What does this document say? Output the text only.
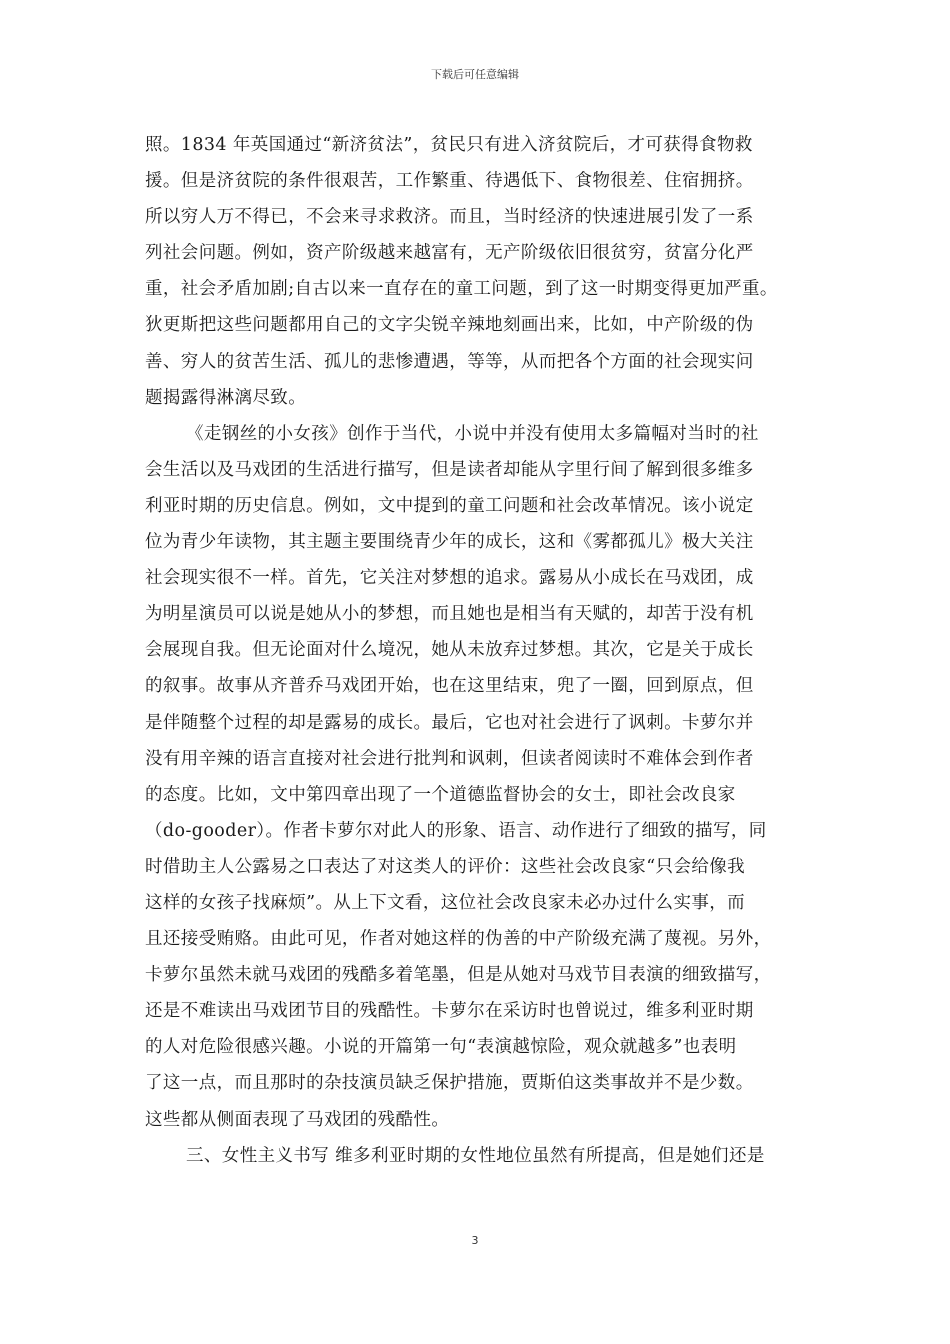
下载后可任意编辑
照。1834 年英国通过“新济贫法”，贫民只有进入济贫院后，才可获得食物救
援。但是济贫院的条件很艰苦，工作繁重、待遇低下、食物很差、住宿拥挤。
所以穷人万不得已，不会来寻求救济。而且，当时经济的快速进展引发了一系
列社会问题。例如，资产阶级越来越富有，无产阶级依旧很贫穷，贫富分化严
重，社会矛盾加剧;自古以来一直存在的童工问题，到了这一时期变得更加严重。
狄更斯把这些问题都用自己的文字尖锐辛辣地刻画出来，比如，中产阶级的伪
善、穷人的贫苦生活、孤儿的悲惨遭遇，等等，从而把各个方面的社会现实问
题揭露得淋漓尽致。
《走钢丝的小女孩》创作于当代，小说中并没有使用太多篇幅对当时的社
会生活以及马戏团的生活进行描写，但是读者却能从字里行间了解到很多维多
利亚时期的历史信息。例如，文中提到的童工问题和社会改革情况。该小说定
位为青少年读物，其主题主要围绕青少年的成长，这和《雾都孤儿》极大关注
社会现实很不一样。首先，它关注对梦想的追求。露易从小成长在马戏团，成
为明星演员可以说是她从小的梦想，而且她也是相当有天赋的，却苦于没有机
会展现自我。但无论面对什么境况，她从未放弃过梦想。其次，它是关于成长
的叙事。故事从齐普乔马戏团开始，也在这里结束，兜了一圈，回到原点，但
是伴随整个过程的却是露易的成长。最后，它也对社会进行了讽刺。卡萝尔并
没有用辛辣的语言直接对社会进行批判和讽刺，但读者阅读时不难体会到作者
的态度。比如，文中第四章出现了一个道德监督协会的女士，即社会改良家
（do-gooder）。作者卡萝尔对此人的形象、语言、动作进行了细致的描写，同
时借助主人公露易之口表达了对这类人的评价：这些社会改良家“只会给像我
这样的女孩子找麻烦”。从上下文看，这位社会改良家未必办过什么实事，而
且还接受贿赂。由此可见，作者对她这样的伪善的中产阶级充满了蔑视。另外，
卡萝尔虽然未就马戏团的残酷多着笔墨，但是从她对马戏节目表演的细致描写，
还是不难读出马戏团节目的残酷性。卡萝尔在采访时也曾说过，维多利亚时期
的人对危险很感兴趣。小说的开篇第一句“表演越惊险，观众就越多”也表明
了这一点，而且那时的杂技演员缺乏保护措施，贾斯伯这类事故并不是少数。
这些都从侧面表现了马戏团的残酷性。
三、女性主义书写 维多利亚时期的女性地位虽然有所提高，但是她们还是
3
